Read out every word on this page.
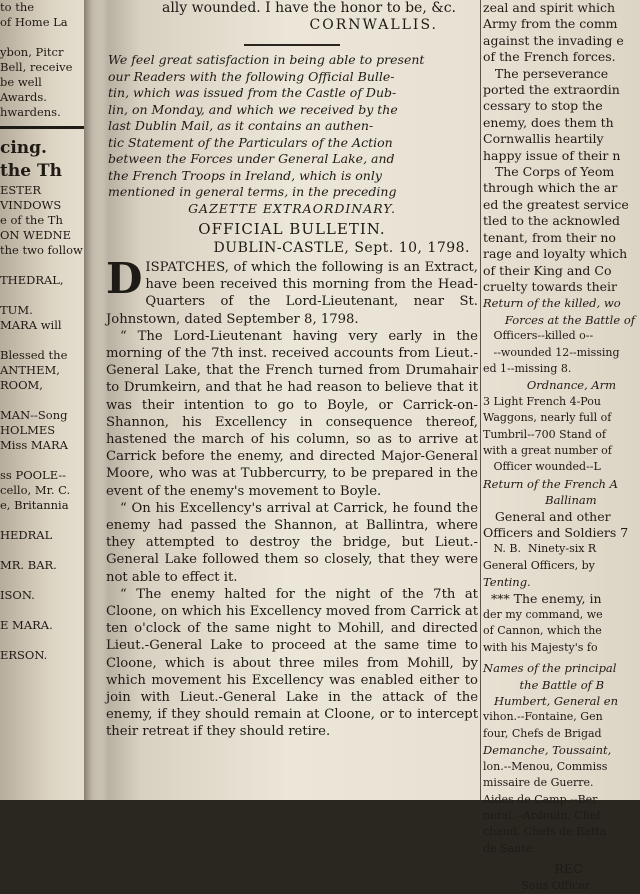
to the
of Home La

ybon, Pitcr
Bell, receive
be well
Awards.
hwardens.
cing.
the Th
ESTER
VINDOWS
e of the Th
ON WEDNE
the two follow

THEDRAL,

TUM.
MARA will

Blessed the
ANTHEM,
ROOM,

MAN--Song
HOLMES
Miss MARA

ss POOLE--
cello, Mr. C.
e, Britannia

HEDRAL

MR. BAR.

ISON.

E MARA.

ERSON.

ally wounded. I have the honor to be, &c.
CORNWALLIS.
We feel great satisfaction in being able to present
our Readers with the following Official Bulle-
tin, which was issued from the Castle of Dub-
lin, on Monday, and which we received by the
last Dublin Mail, as it contains an authen-
tic Statement of the Particulars of the Action
between the Forces under General Lake, and
the French Troops in Ireland, which is only
mentioned in general terms, in the preceding
GAZETTE EXTRAORDINARY.
OFFICIAL BULLETIN.
DUBLIN-CASTLE, Sept. 10, 1798.

DISPATCHES, of which the following is an Extract, have been received this morning from the Head-Quarters of the Lord-Lieutenant, near St. Johnstown, dated September 8, 1798.

“ The Lord-Lieutenant having very early in the morning of the 7th inst. received accounts from Lieut.-General Lake, that the French turned from Drumahair to Drumkeirn, and that he had reason to believe that it was their intention to go to Boyle, or Carrick-on-Shannon, his Excellency in consequence thereof, hastened the march of his column, so as to arrive at Carrick before the enemy, and directed Major-General Moore, who was at Tubbercurry, to be prepared in the event of the enemy's movement to Boyle.

“ On his Excellency's arrival at Carrick, he found the enemy had passed the Shannon, at Ballintra, where they attempted to destroy the bridge, but Lieut.-General Lake followed them so closely, that they were not able to effect it.

“ The enemy halted for the night of the 7th at Cloone, on which his Excellency moved from Carrick at ten o'clock of the same night to Mohill, and directed Lieut.-General Lake to proceed at the same time to Cloone, which is about three miles from Mohill, by which movement his Excellency was enabled either to join with Lieut.-General Lake in the attack of the enemy, if they should remain at Cloone, or to intercept their retreat if they should retire.

zeal and spirit which
Army from the comm
against the invading e
of the French forces.
The perseverance
ported the extraordin
cessary to stop the
enemy, does them th
Cornwallis heartily
happy issue of their n
The Corps of Yeom
through which the ar
ed the greatest service
tled to the acknowled
tenant, from their no
rage and loyalty which
of their King and Co
cruelty towards their
Return of the killed, wo
Forces at the Battle of
Officers--killed o--
--wounded 12--missing
ed 1--missing 8.
Ordnance, Arm
3 Light French 4-Pou
Waggons, nearly full of
Tumbril--700 Stand of
with a great number of
Officer wounded--L
Return of the French A
Ballinam
General and other
Officers and Soldiers 7
N. B.  Ninety-six R
General Officers, by
Tenting.
*** The enemy, in
der my command, we
of Cannon, which the
with his Majesty's fo
Names of the principal
the Battle of B
Humbert, General en
vihon.--Fontaine, Gen
four, Chefs de Brigad
Demanche, Toussaint,
lon.--Menou, Commiss
missaire de Guerre.
Aides de Camp.--Ber
neral.--Ardouin, Chef
chaud, Chefs de Batta
de Sante.
REC
Sous Officer
